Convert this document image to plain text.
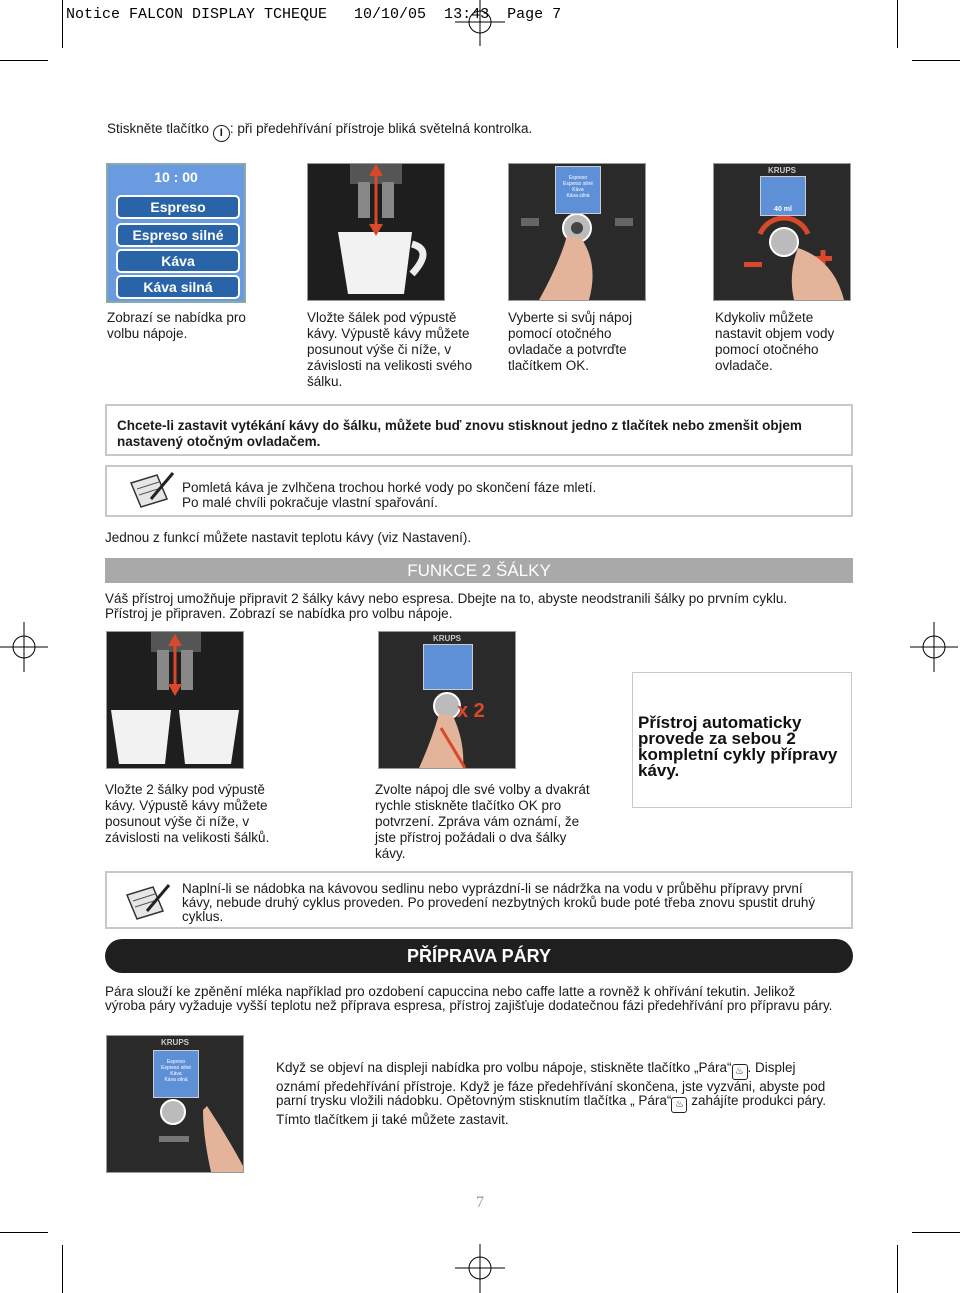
Notice FALCON DISPLAY TCHEQUE   10/10/05  13:43  Page 7
Stiskněte tlačítko I : při předehřívání přístroje bliká světelná kontrolka.
10 : 00
Espreso
Espreso silné
Káva
Káva silná
Espreso
Espreso silné
Káva
Káva silná
KRUPS
40 ml
Zobrazí se nabídka pro volbu nápoje.
Vložte šálek pod výpustě kávy. Výpustě kávy můžete posunout výše či níže, v závislosti na velikosti svého šálku.
Vyberte si svůj nápoj pomocí otočného ovladače a potvrďte tlačítkem OK.
Kdykoliv můžete nastavit objem vody pomocí otočného ovladače.
Chcete-li zastavit vytékání kávy do šálku, můžete buď znovu stisknout jedno z tlačítek nebo zmenšit objem nastavený otočným ovladačem.
Pomletá káva je zvlhčena trochou horké vody po skončení fáze mletí.
Po malé chvíli pokračuje vlastní spařování.
Jednou z funkcí můžete nastavit teplotu kávy (viz Nastavení).
FUNKCE 2 ŠÁLKY
Váš přístroj umožňuje připravit 2 šálky kávy nebo espresa. Dbejte na to, abyste neodstranili šálky po prvním cyklu.
Přístroj je připraven. Zobrazí se nabídka pro volbu nápoje.
KRUPS
x 2
Přístroj automaticky provede za sebou 2 kompletní cykly přípravy kávy.
Vložte 2 šálky pod výpustě kávy. Výpustě kávy můžete posunout výše či níže, v závislosti na velikosti šálků.
Zvolte nápoj dle své volby a dvakrát rychle stiskněte tlačítko OK pro potvrzení. Zpráva vám oznámí, že jste přístroj požádali o dva šálky kávy.
Naplní-li se nádobka na kávovou sedlinu nebo vyprázdní-li se nádržka na vodu v průběhu přípravy první kávy, nebude druhý cyklus proveden. Po provedení nezbytných kroků bude poté třeba znovu spustit druhý cyklus.
PŘÍPRAVA PÁRY
Pára slouží ke zpěnění mléka například pro ozdobení capuccina nebo caffe latte a rovněž k ohřívání tekutin. Jelikož výroba páry vyžaduje vyšší teplotu než příprava espresa, přístroj zajišťuje dodatečnou fázi předehřívání pro přípravu páry.
KRUPS
Espreso
Espreso silné
Káva
Káva silná
Když se objeví na displeji nabídka pro volbu nápoje, stiskněte tlačítko „Pára“ ♨ . Displej oznámí předehřívání přístroje. Když je fáze předehřívání skončena, jste vyzváni, abyste pod parní trysku vložili nádobku. Opětovným stisknutím tlačítka „ Pára“ ♨ zahájíte produkci páry. Tímto tlačítkem ji také můžete zastavit.
7
